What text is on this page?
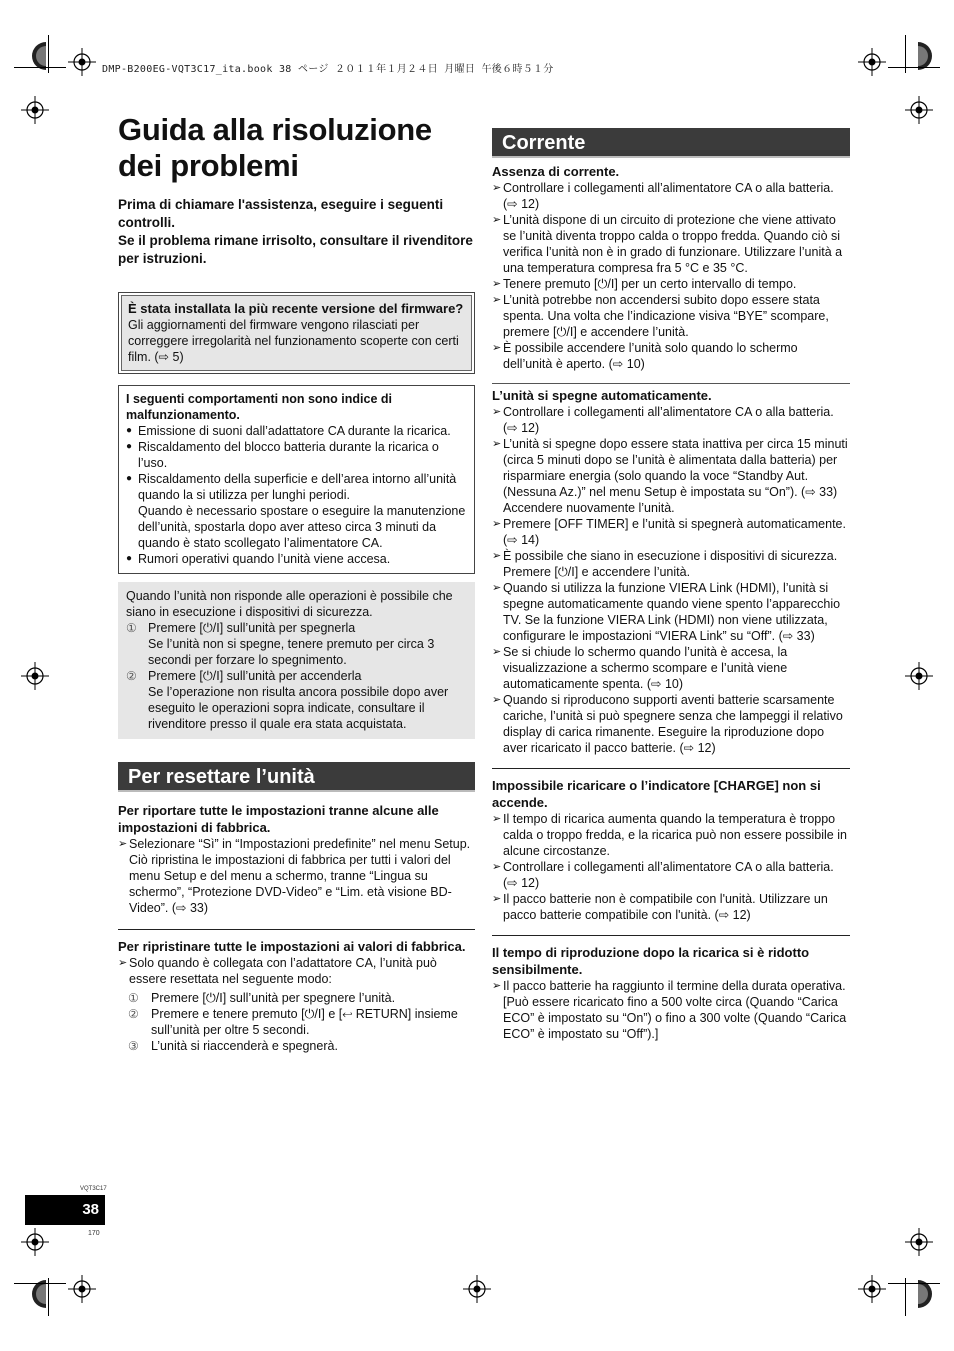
DMP-B200EG-VQT3C17_ita.book 38 ページ ２０１１年１月２４日 月曜日 午後６時５１分
Guida alla risoluzione dei problemi

Prima di chiamare l'assistenza, eseguire i seguenti controlli.

Se il problema rimane irrisolto, consultare il rivenditore per istruzioni.

È stata installata la più recente versione del firmware?

Gli aggiornamenti del firmware vengono rilasciati per correggere irregolarità nel funzionamento scoperte con certi film. (⇨ 5)

I seguenti comportamenti non sono indice di malfunzionamento.

● Emissione di suoni dall’adattatore CA durante la ricarica.
● Riscaldamento del blocco batteria durante la ricarica o l’uso.
● Riscaldamento della superficie e dell’area intorno all’unità quando la si utilizza per lunghi periodi.
Quando è necessario spostare o eseguire la manutenzione dell’unità, spostarla dopo aver atteso circa 3 minuti da quando è stato scollegato l’alimentatore CA.
● Rumori operativi quando l’unità viene accesa.

Quando l’unità non risponde alle operazioni è possibile che siano in esecuzione i dispositivi di sicurezza.

① Premere [⏻/I] sull’unità per spegnerla
Se l’unità non si spegne, tenere premuto per circa 3 secondi per forzare lo spegnimento.
② Premere [⏻/I] sull’unità per accenderla
Se l’operazione non risulta ancora possibile dopo aver eseguito le operazioni sopra indicate, consultare il rivenditore presso il quale era stata acquistata.
Per resettare l’unità

Per riportare tutte le impostazioni tranne alcune alle impostazioni di fabbrica.

➢ Selezionare “Sì” in “Impostazioni predefinite” nel menu Setup.
Ciò ripristina le impostazioni di fabbrica per tutti i valori del menu Setup e del menu a schermo, tranne “Lingua su schermo”, “Protezione DVD-Video” e “Lim. età visione BD-Video”. (⇨ 33)

Per ripristinare tutte le impostazioni ai valori di fabbrica.

➢ Solo quando è collegata con l’adattatore CA, l’unità può essere resettata nel seguente modo:
① Premere [⏻/I] sull’unità per spegnere l’unità.
② Premere e tenere premuto [⏻/I] e [↩ RETURN] insieme sull’unità per oltre 5 secondi.
③ L’unità si riaccenderà e spegnerà.
Corrente

Assenza di corrente.

➢ Controllare i collegamenti all’alimentatore CA o alla batteria. (⇨ 12)
➢ L’unità dispone di un circuito di protezione che viene attivato se l’unità diventa troppo calda o troppo fredda. Quando ciò si verifica l’unità non è in grado di funzionare. Utilizzare l’unità a una temperatura compresa fra 5 °C e 35 °C.
➢ Tenere premuto [⏻/I] per un certo intervallo di tempo.
➢ L’unità potrebbe non accendersi subito dopo essere stata spenta. Una volta che l’indicazione visiva “BYE” scompare, premere [⏻/I] e accendere l’unità.
➢ È possibile accendere l’unità solo quando lo schermo dell’unità è aperto. (⇨ 10)

L’unità si spegne automaticamente.

➢ Controllare i collegamenti all’alimentatore CA o alla batteria. (⇨ 12)
➢ L’unità si spegne dopo essere stata inattiva per circa 15 minuti (circa 5 minuti dopo se l’unità è alimentata dalla batteria) per risparmiare energia (solo quando la voce “Standby Aut. (Nessuna Az.)” nel menu Setup è impostata su “On”). (⇨ 33) Accendere nuovamente l’unità.
➢ Premere [OFF TIMER] e l’unità si spegnerà automaticamente. (⇨ 14)
➢ È possibile che siano in esecuzione i dispositivi di sicurezza. Premere [⏻/I] e accendere l’unità.
➢ Quando si utilizza la funzione VIERA Link (HDMI), l’unità si spegne automaticamente quando viene spento l’apparecchio TV. Se la funzione VIERA Link (HDMI) non viene utilizzata, configurare le impostazioni “VIERA Link” su “Off”. (⇨ 33)
➢ Se si chiude lo schermo quando l’unità è accesa, la visualizzazione a schermo scompare e l’unità viene automaticamente spenta. (⇨ 10)
➢ Quando si riproducono supporti aventi batterie scarsamente cariche, l’unità si può spegnere senza che lampeggi il relativo display di carica rimanente. Eseguire la riproduzione dopo aver ricaricato il pacco batterie. (⇨ 12)

Impossibile ricaricare o l’indicatore [CHARGE] non si accende.

➢ Il tempo di ricarica aumenta quando la temperatura è troppo calda o troppo fredda, e la ricarica può non essere possibile in alcune circostanze.
➢ Controllare i collegamenti all’alimentatore CA o alla batteria. (⇨ 12)
➢ Il pacco batterie non è compatibile con l'unità. Utilizzare un pacco batterie compatibile con l'unità. (⇨ 12)

Il tempo di riproduzione dopo la ricarica si è ridotto sensibilmente.

➢ Il pacco batterie ha raggiunto il termine della durata operativa. [Può essere ricaricato fino a 500 volte circa (Quando “Carica ECO” è impostato su “On”) o fino a 300 volte (Quando “Carica ECO” è impostato su “Off”).]
VQT3C17
38
170
